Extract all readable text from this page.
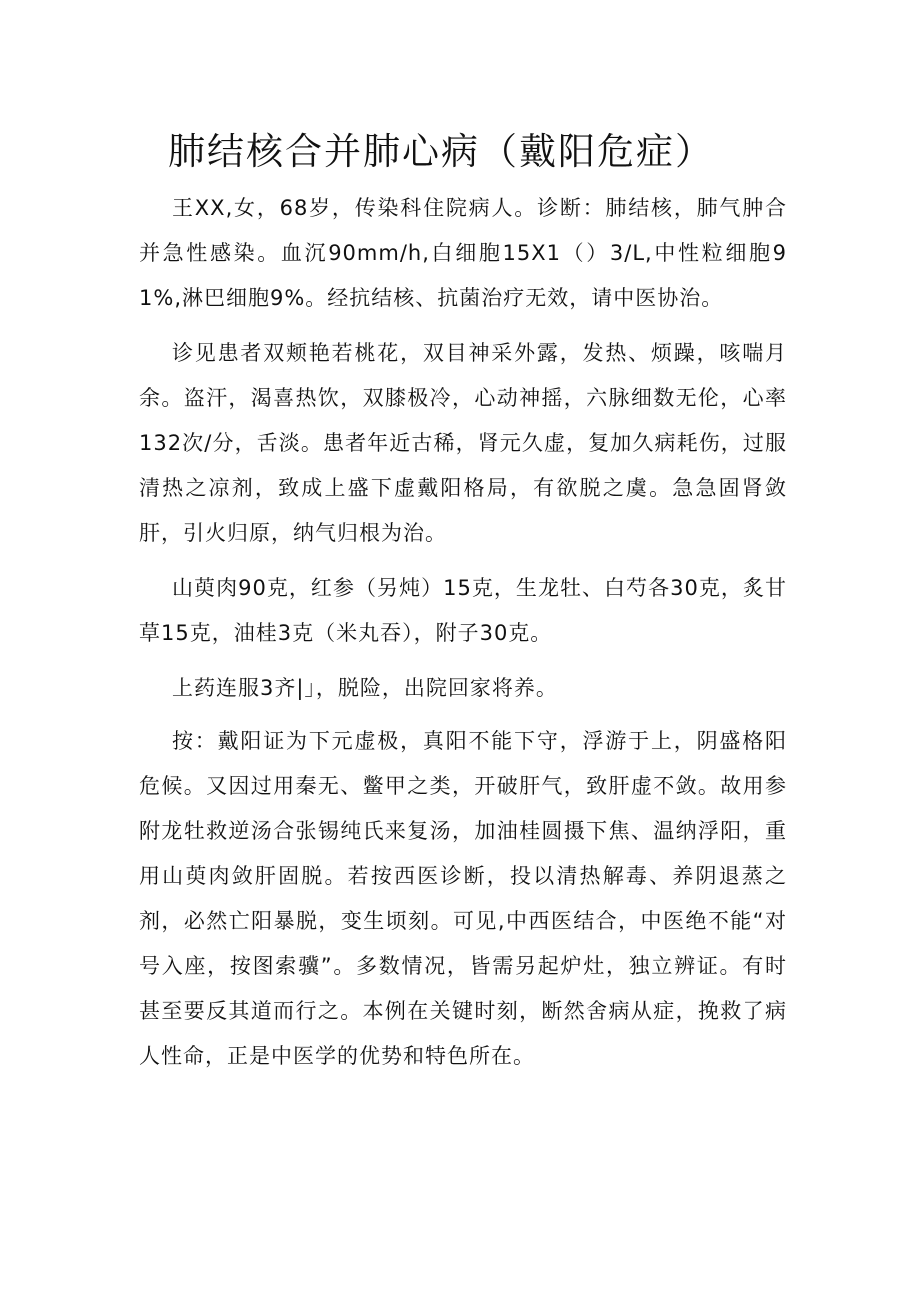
肺结核合并肺心病（戴阳危症）

王XX,女，68岁，传染科住院病人。诊断：肺结核，肺气肿合并急性感染。血沉90mm/h,白细胞15X1（）3/L,中性粒细胞91%,淋巴细胞9%。经抗结核、抗菌治疗无效，请中医协治。

诊见患者双颊艳若桃花，双目神采外露，发热、烦躁，咳喘月余。盗汗，渴喜热饮，双膝极冷，心动神摇，六脉细数无伦，心率132次/分，舌淡。患者年近古稀，肾元久虚，复加久病耗伤，过服清热之凉剂，致成上盛下虚戴阳格局，有欲脱之虞。急急固肾敛肝，引火归原，纳气归根为治。

山萸肉90克，红参（另炖）15克，生龙牡、白芍各30克，炙甘草15克，油桂3克（米丸吞），附子30克。

上药连服3齐|」，脱险，出院回家将养。

按：戴阳证为下元虚极，真阳不能下守，浮游于上，阴盛格阳危候。又因过用秦无、鳖甲之类，开破肝气，致肝虚不敛。故用参附龙牡救逆汤合张锡纯氏来复汤，加油桂圆摄下焦、温纳浮阳，重用山萸肉敛肝固脱。若按西医诊断，投以清热解毒、养阴退蒸之剂，必然亡阳暴脱，变生顷刻。可见,中西医结合，中医绝不能“对号入座，按图索骥”。多数情况，皆需另起炉灶，独立辨证。有时甚至要反其道而行之。本例在关键时刻，断然舍病从症，挽救了病人性命，正是中医学的优势和特色所在。
